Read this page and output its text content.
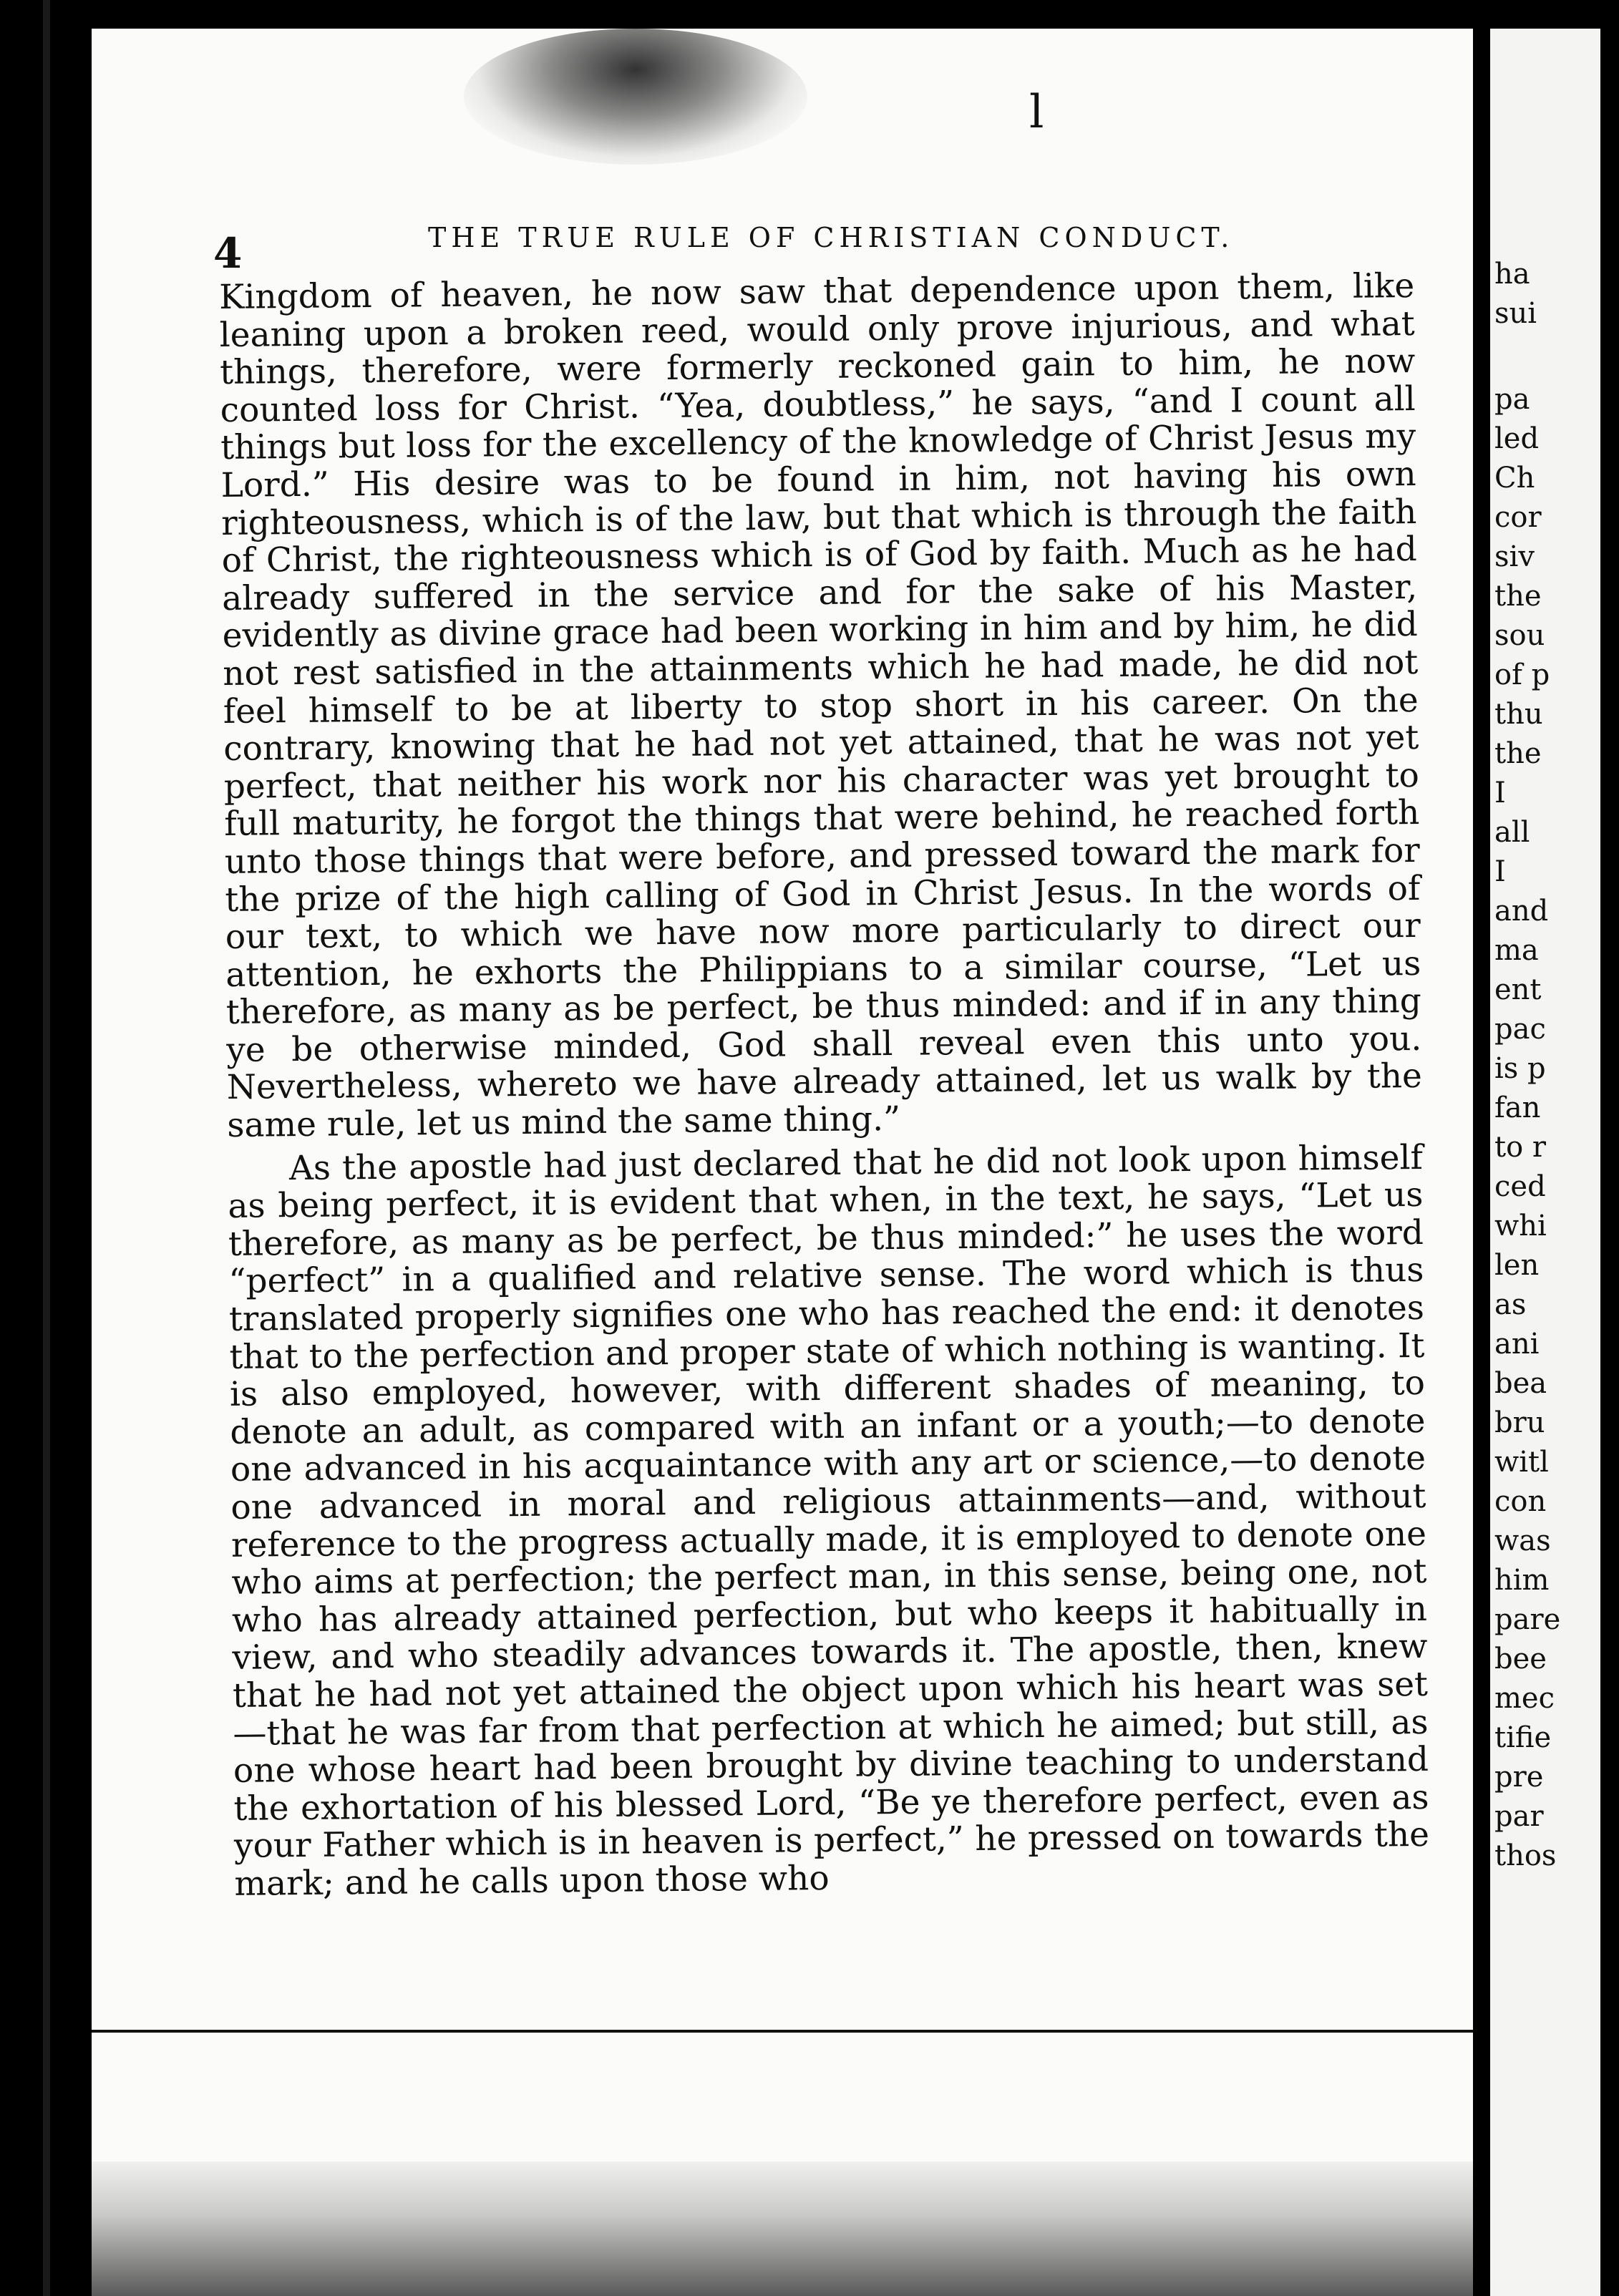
l
4	THE TRUE RULE OF CHRISTIAN CONDUCT.

Kingdom of heaven, he now saw that dependence upon them, like leaning upon a broken reed, would only prove injurious, and what things, therefore, were formerly reckoned gain to him, he now counted loss for Christ. “Yea, doubtless,” he says, “and I count all things but loss for the excellency of the knowledge of Christ Jesus my Lord.” His desire was to be found in him, not having his own righteousness, which is of the law, but that which is through the faith of Christ, the righteousness which is of God by faith. Much as he had already suffered in the service and for the sake of his Master, evidently as divine grace had been working in him and by him, he did not rest satisfied in the attainments which he had made, he did not feel himself to be at liberty to stop short in his career. On the contrary, knowing that he had not yet attained, that he was not yet perfect, that neither his work nor his character was yet brought to full maturity, he forgot the things that were behind, he reached forth unto those things that were before, and pressed toward the mark for the prize of the high calling of God in Christ Jesus. In the words of our text, to which we have now more particularly to direct our attention, he exhorts the Philippians to a similar course, “Let us therefore, as many as be perfect, be thus minded: and if in any thing ye be otherwise minded, God shall reveal even this unto you. Nevertheless, whereto we have already attained, let us walk by the same rule, let us mind the same thing.”

As the apostle had just declared that he did not look upon himself as being perfect, it is evident that when, in the text, he says, “Let us therefore, as many as be perfect, be thus minded:” he uses the word “perfect” in a qualified and relative sense. The word which is thus translated properly signifies one who has reached the end: it denotes that to the perfection and proper state of which nothing is wanting. It is also employed, however, with different shades of meaning, to denote an adult, as compared with an infant or a youth;—to denote one advanced in his acquaintance with any art or science,—to denote one advanced in moral and religious attainments—and, without reference to the progress actually made, it is employed to denote one who aims at perfection; the perfect man, in this sense, being one, not who has already attained perfection, but who keeps it habitually in view, and who steadily advances towards it. The apostle, then, knew that he had not yet attained the object upon which his heart was set—that he was far from that perfection at which he aimed; but still, as one whose heart had been brought by divine teaching to understand the exhortation of his blessed Lord, “Be ye therefore perfect, even as your Father which is in heaven is perfect,” he pressed on towards the mark; and he calls upon those who

ha
sui
pa
led
Ch
cor
siv
the
sou
of p
thu
the
I
all
I
and
ma
ent
pac
is p
fan
to r
ced
whi
len
as
ani
bea
bru
witl
con
was
him
pare
bee
mec
tifie
pre
par
thos
